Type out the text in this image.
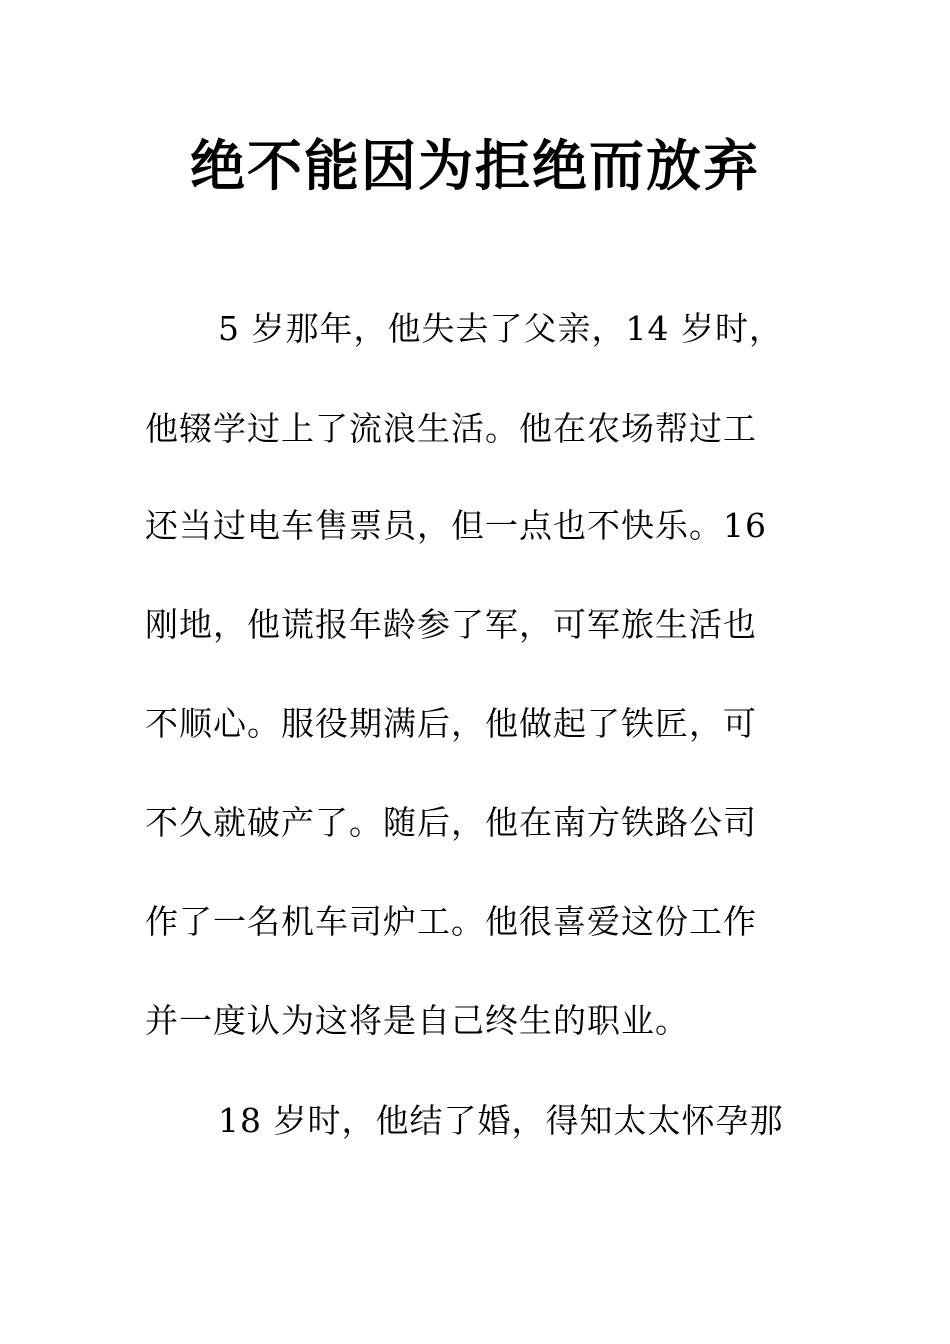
绝不能因为拒绝而放弃

5 岁那年，他失去了父亲，14 岁时，

他辍学过上了流浪生活。他在农场帮过工

还当过电车售票员，但一点也不快乐。16

刚地，他谎报年龄参了军，可军旅生活也

不顺心。服役期满后，他做起了铁匠，可

不久就破产了。随后，他在南方铁路公司

作了一名机车司炉工。他很喜爱这份工作

并一度认为这将是自己终生的职业。

18 岁时，他结了婚，得知太太怀孕那
